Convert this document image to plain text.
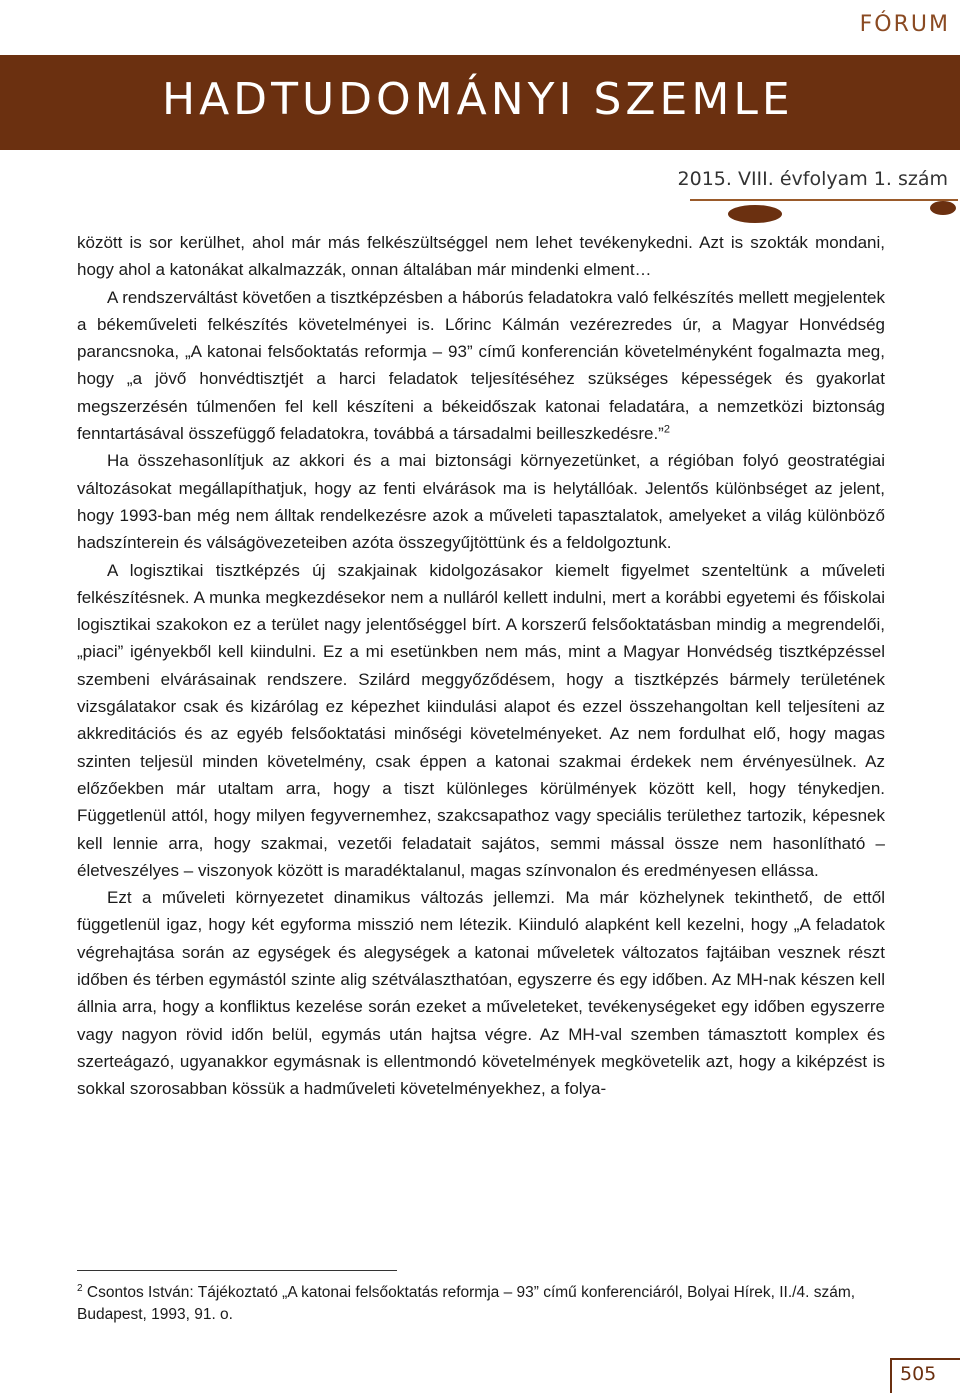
FÓRUM
HADTUDOMÁNYI SZEMLE
2015. VIII. évfolyam 1. szám

között is sor kerülhet, ahol már más felkészültséggel nem lehet tevékenykedni. Azt is szokták mondani, hogy ahol a katonákat alkalmazzák, onnan általában már mindenki elment…

A rendszerváltást követően a tisztképzésben a háborús feladatokra való felkészítés mellett megjelentek a békeműveleti felkészítés követelményei is. Lőrinc Kálmán vezérezredes úr, a Magyar Honvédség parancsnoka, „A katonai felsőoktatás reformja – 93” című konferencián követelményként fogalmazta meg, hogy „a jövő honvédtisztjét a harci feladatok teljesítéséhez szükséges képességek és gyakorlat megszerzésén túlmenően fel kell készíteni a békeidőszak katonai feladatára, a nemzetközi biztonság fenntartásával összefüggő feladatokra, továbbá a társadalmi beilleszkedésre.”$^2$

Ha összehasonlítjuk az akkori és a mai biztonsági környezetünket, a régióban folyó geostratégiai változásokat megállapíthatjuk, hogy az fenti elvárások ma is helytállóak. Jelentős különbséget az jelent, hogy 1993-ban még nem álltak rendelkezésre azok a műveleti tapasztalatok, amelyeket a világ különböző hadszínterein és válságövezeteiben azóta összegyűjtöttünk és a feldolgoztunk.

A logisztikai tisztképzés új szakjainak kidolgozásakor kiemelt figyelmet szenteltünk a műveleti felkészítésnek. A munka megkezdésekor nem a nulláról kellett indulni, mert a korábbi egyetemi és főiskolai logisztikai szakokon ez a terület nagy jelentőséggel bírt. A korszerű felsőoktatásban mindig a megrendelői, „piaci” igényekből kell kiindulni. Ez a mi esetünkben nem más, mint a Magyar Honvédség tisztképzéssel szembeni elvárásainak rendszere. Szilárd meggyőződésem, hogy a tisztképzés bármely területének vizsgálatakor csak és kizárólag ez képezhet kiindulási alapot és ezzel összehangoltan kell teljesíteni az akkreditációs és az egyéb felsőoktatási minőségi követelményeket. Az nem fordulhat elő, hogy magas szinten teljesül minden követelmény, csak éppen a katonai szakmai érdekek nem érvényesülnek. Az előzőekben már utaltam arra, hogy a tiszt különleges körülmények között kell, hogy ténykedjen. Függetlenül attól, hogy milyen fegyvernemhez, szakcsapathoz vagy speciális területhez tartozik, képesnek kell lennie arra, hogy szakmai, vezetői feladatait sajátos, semmi mással össze nem hasonlítható – életveszélyes – viszonyok között is maradéktalanul, magas színvonalon és eredményesen ellássa.

Ezt a műveleti környezetet dinamikus változás jellemzi. Ma már közhelynek tekinthető, de ettől függetlenül igaz, hogy két egyforma misszió nem létezik. Kiinduló alapként kell kezelni, hogy „A feladatok végrehajtása során az egységek és alegységek a katonai műveletek változatos fajtáiban vesznek részt időben és térben egymástól szinte alig szétválaszthatóan, egyszerre és egy időben. Az MH-nak készen kell állnia arra, hogy a konfliktus kezelése során ezeket a műveleteket, tevékenységeket egy időben egyszerre vagy nagyon rövid időn belül, egymás után hajtsa végre. Az MH-val szemben támasztott komplex és szerteágazó, ugyanakkor egymásnak is ellentmondó követelmények megkövetelik azt, hogy a kiképzést is sokkal szorosabban kössük a hadműveleti követelményekhez, a folya-

$^2$ Csontos István: Tájékoztató „A katonai felsőoktatás reformja – 93” című konferenciáról, Bolyai Hírek, II./4. szám, Budapest, 1993, 91. o.
505
